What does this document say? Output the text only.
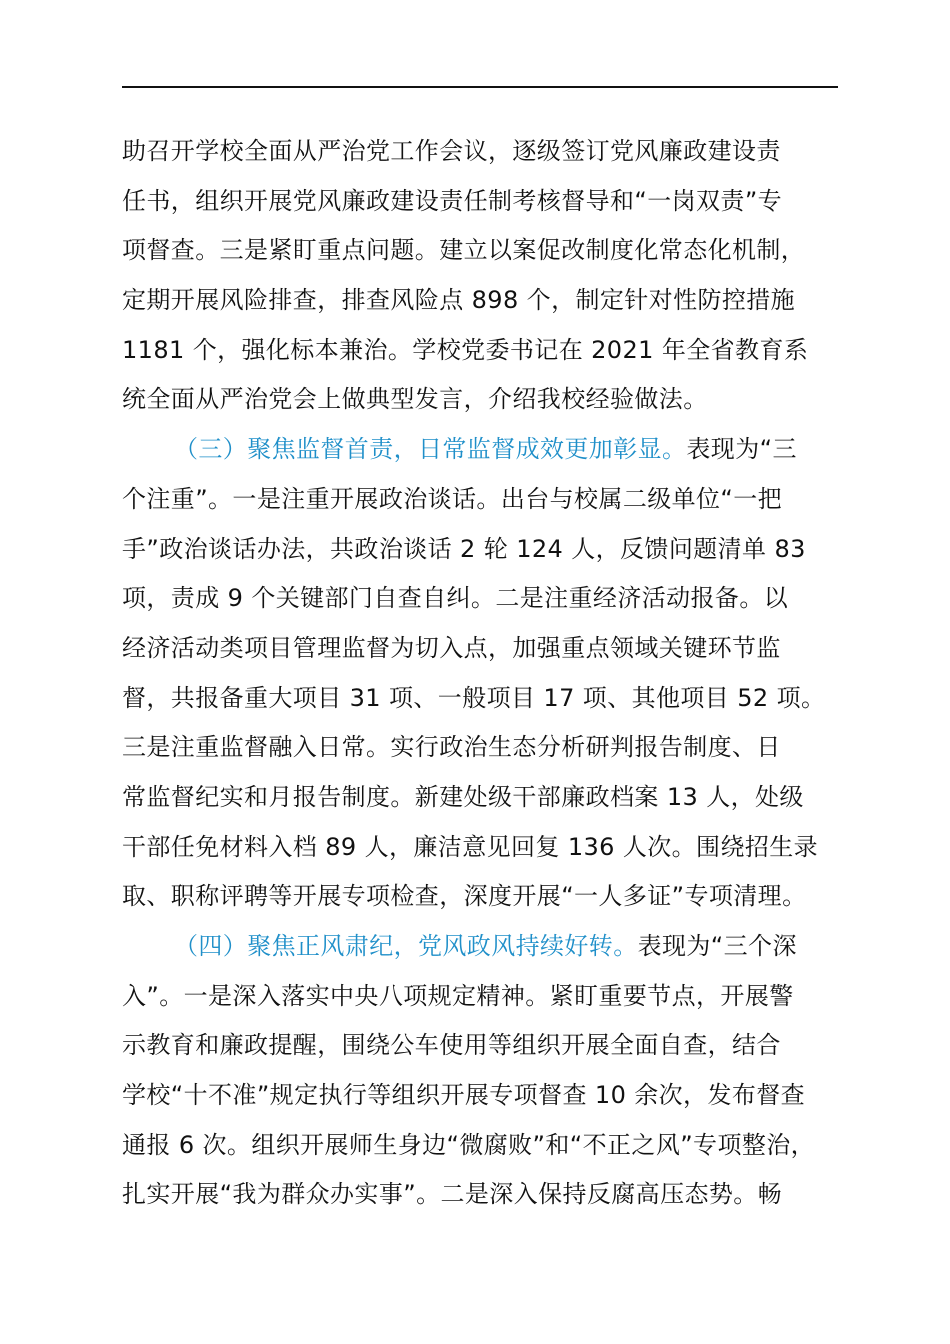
助召开学校全面从严治党工作会议，逐级签订党风廉政建设责
任书，组织开展党风廉政建设责任制考核督导和“一岗双责”专
项督查。三是紧盯重点问题。建立以案促改制度化常态化机制，
定期开展风险排查，排查风险点 898 个，制定针对性防控措施
1181 个，强化标本兼治。学校党委书记在 2021 年全省教育系
统全面从严治党会上做典型发言，介绍我校经验做法。
（三）聚焦监督首责，日常监督成效更加彰显。表现为“三
个注重”。一是注重开展政治谈话。出台与校属二级单位“一把
手”政治谈话办法，共政治谈话 2 轮 124 人，反馈问题清单 83
项，责成 9 个关键部门自查自纠。二是注重经济活动报备。以
经济活动类项目管理监督为切入点，加强重点领域关键环节监
督，共报备重大项目 31 项、一般项目 17 项、其他项目 52 项。
三是注重监督融入日常。实行政治生态分析研判报告制度、日
常监督纪实和月报告制度。新建处级干部廉政档案 13 人，处级
干部任免材料入档 89 人，廉洁意见回复 136 人次。围绕招生录
取、职称评聘等开展专项检查，深度开展“一人多证”专项清理。
（四）聚焦正风肃纪，党风政风持续好转。表现为“三个深
入”。一是深入落实中央八项规定精神。紧盯重要节点，开展警
示教育和廉政提醒，围绕公车使用等组织开展全面自查，结合
学校“十不准”规定执行等组织开展专项督查 10 余次，发布督查
通报 6 次。组织开展师生身边“微腐败”和“不正之风”专项整治，
扎实开展“我为群众办实事”。二是深入保持反腐高压态势。畅
